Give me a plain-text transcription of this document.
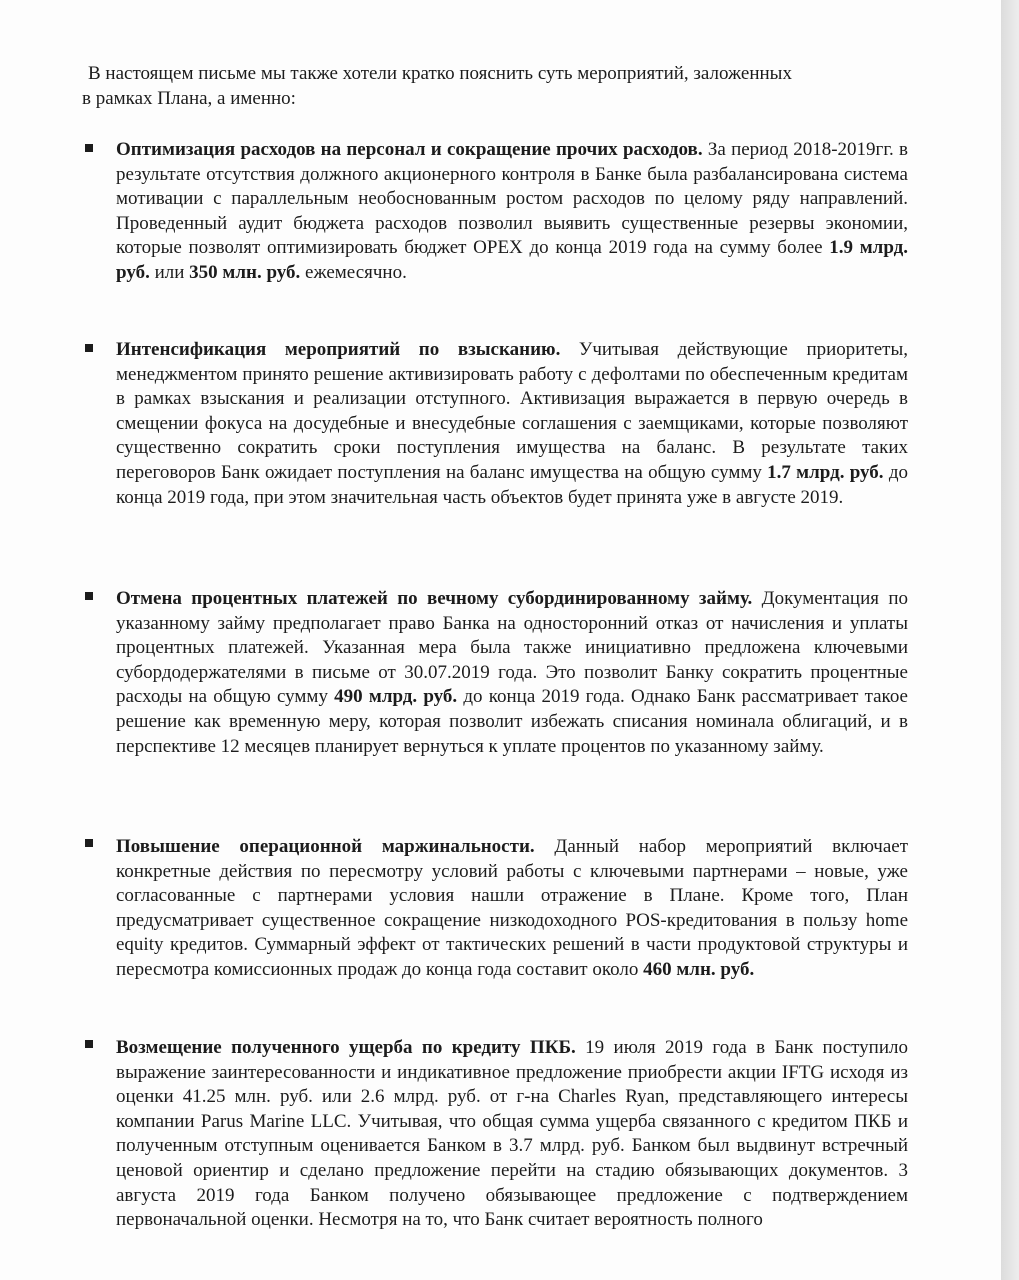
В настоящем письме мы также хотели кратко пояснить суть мероприятий, заложенных
в рамках Плана, а именно:

Оптимизация расходов на персонал и сокращение прочих расходов. За период 2018-2019гг. в результате отсутствия должного акционерного контроля в Банке была разбалансирована система мотивации с параллельным необоснованным ростом расходов по целому ряду направлений. Проведенный аудит бюджета расходов позволил выявить существенные резервы экономии, которые позволят оптимизировать бюджет OPEX до конца 2019 года на сумму более 1.9 млрд. руб. или 350 млн. руб. ежемесячно.

Интенсификация мероприятий по взысканию. Учитывая действующие приоритеты, менеджментом принято решение активизировать работу с дефолтами по обеспеченным кредитам в рамках взыскания и реализации отступного. Активизация выражается в первую очередь в смещении фокуса на досудебные и внесудебные соглашения с заемщиками, которые позволяют существенно сократить сроки поступления имущества на баланс. В результате таких переговоров Банк ожидает поступления на баланс имущества на общую сумму 1.7 млрд. руб. до конца 2019 года, при этом значительная часть объектов будет принята уже в августе 2019.

Отмена процентных платежей по вечному субординированному займу. Документация по указанному займу предполагает право Банка на односторонний отказ от начисления и уплаты процентных платежей. Указанная мера была также инициативно предложена ключевыми субордодержателями в письме от 30.07.2019 года. Это позволит Банку сократить процентные расходы на общую сумму 490 млрд. руб. до конца 2019 года. Однако Банк рассматривает такое решение как временную меру, которая позволит избежать списания номинала облигаций, и в перспективе 12 месяцев планирует вернуться к уплате процентов по указанному займу.

Повышение операционной маржинальности. Данный набор мероприятий включает конкретные действия по пересмотру условий работы с ключевыми партнерами – новые, уже согласованные с партнерами условия нашли отражение в Плане. Кроме того, План предусматривает существенное сокращение низкодоходного POS-кредитования в пользу home equity кредитов. Суммарный эффект от тактических решений в части продуктовой структуры и пересмотра комиссионных продаж до конца года составит около 460 млн. руб.

Возмещение полученного ущерба по кредиту ПКБ. 19 июля 2019 года в Банк поступило выражение заинтересованности и индикативное предложение приобрести акции IFTG исходя из оценки 41.25 млн. руб. или 2.6 млрд. руб. от г-на Charles Ryan, представляющего интересы компании Parus Marine LLC. Учитывая, что общая сумма ущерба связанного с кредитом ПКБ и полученным отступным оценивается Банком в 3.7 млрд. руб. Банком был выдвинут встречный ценовой ориентир и сделано предложение перейти на стадию обязывающих документов. 3 августа 2019 года Банком получено обязывающее предложение с подтверждением первоначальной оценки. Несмотря на то, что Банк считает вероятность полного
